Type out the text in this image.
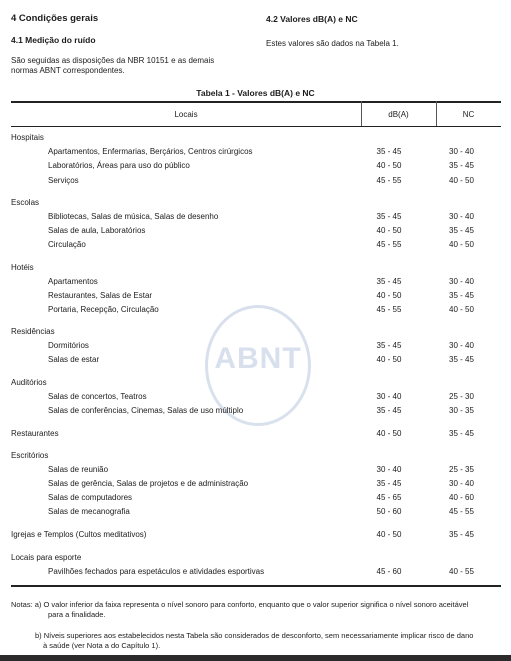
ABNT
4 Condições gerais
4.1 Medição do ruído
São seguidas as disposições da NBR 10151 e as demais
normas ABNT correspondentes.
4.2 Valores dB(A) e NC
Estes valores são dados na Tabela 1.
Tabela 1 - Valores dB(A) e NC
Locais	dB(A)	NC
Hospitais
Apartamentos, Enfermarias, Berçários, Centros cirúrgicos	35 - 45	30 - 40
Laboratórios, Áreas para uso do público	40 - 50	35 - 45
Serviços	45 - 55	40 - 50
Escolas
Bibliotecas, Salas de música, Salas de desenho	35 - 45	30 - 40
Salas de aula, Laboratórios	40 - 50	35 - 45
Circulação	45 - 55	40 - 50
Hotéis
Apartamentos	35 - 45	30 - 40
Restaurantes, Salas de Estar	40 - 50	35 - 45
Portaria, Recepção, Circulação	45 - 55	40 - 50
Residências
Dormitórios	35 - 45	30 - 40
Salas de estar	40 - 50	35 - 45
Auditórios
Salas de concertos, Teatros	30 - 40	25 - 30
Salas de conferências, Cinemas, Salas de uso múltiplo	35 - 45	30 - 35
Restaurantes	40 - 50	35 - 45
Escritórios
Salas de reunião	30 - 40	25 - 35
Salas de gerência, Salas de projetos e de administração	35 - 45	30 - 40
Salas de computadores	45 - 65	40 - 60
Salas de mecanografia	50 - 60	45 - 55
Igrejas e Templos (Cultos meditativos)	40 - 50	35 - 45
Locais para esporte
Pavilhões fechados para espetáculos e atividades esportivas	45 - 60	40 - 55
Notas: a) O valor inferior da faixa representa o nível sonoro para conforto, enquanto que o valor superior significa o nível sonoro aceitável
para a finalidade.
b) Níveis superiores aos estabelecidos nesta Tabela são considerados de desconforto, sem necessariamente implicar risco de dano
à saúde (ver Nota a do Capítulo 1).
